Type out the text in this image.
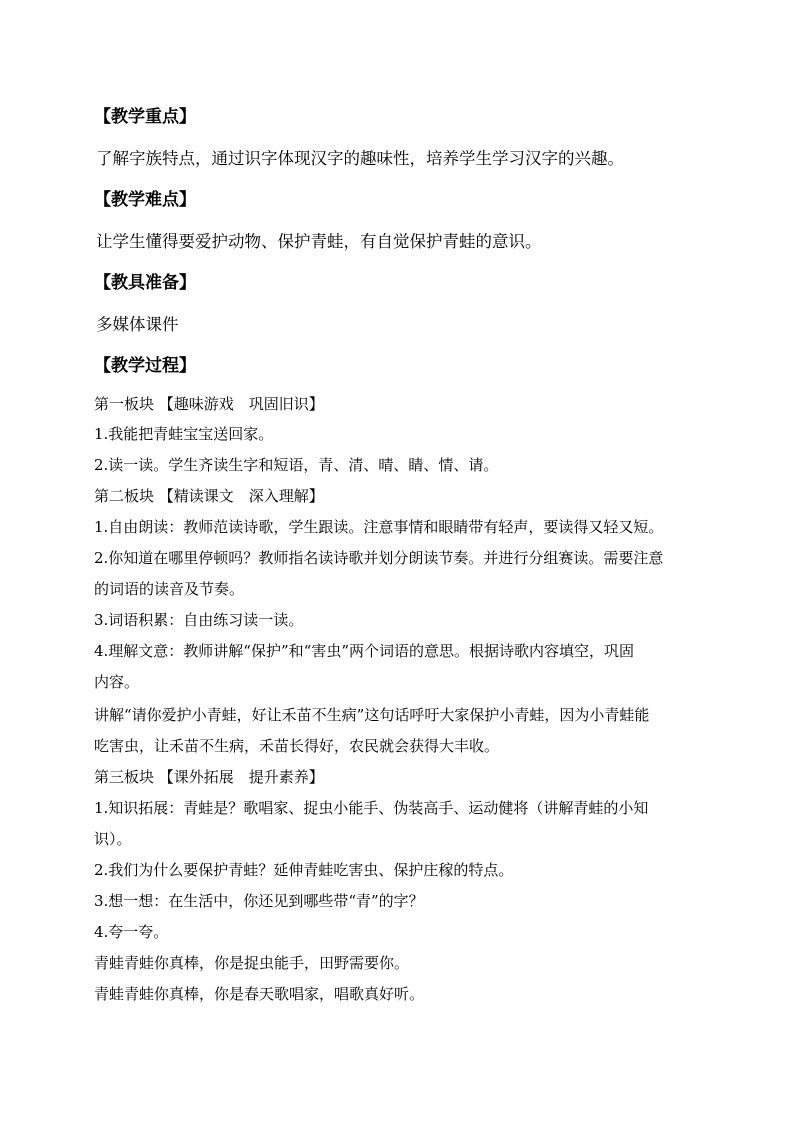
【教学重点】
了解字族特点，通过识字体现汉字的趣味性，培养学生学习汉字的兴趣。
【教学难点】
让学生懂得要爱护动物、保护青蛙，有自觉保护青蛙的意识。
【教具准备】
多媒体课件
【教学过程】
第一板块 【趣味游戏　巩固旧识】
1.我能把青蛙宝宝送回家。
2.读一读。学生齐读生字和短语，青、清、晴、睛、情、请。
第二板块 【精读课文　深入理解】
1.自由朗读：教师范读诗歌，学生跟读。注意事情和眼睛带有轻声，要读得又轻又短。
2.你知道在哪里停顿吗？教师指名读诗歌并划分朗读节奏。并进行分组赛读。需要注意
的词语的读音及节奏。
3.词语积累：自由练习读一读。
4.理解文意：教师讲解“保护”和“害虫”两个词语的意思。根据诗歌内容填空，巩固
内容。
讲解“请你爱护小青蛙，好让禾苗不生病”这句话呼吁大家保护小青蛙，因为小青蛙能
吃害虫，让禾苗不生病，禾苗长得好，农民就会获得大丰收。
第三板块 【课外拓展　提升素养】
1.知识拓展：青蛙是？歌唱家、捉虫小能手、伪装高手、运动健将（讲解青蛙的小知
识）。
2.我们为什么要保护青蛙？延伸青蛙吃害虫、保护庄稼的特点。
3.想一想：在生活中，你还见到哪些带“青”的字？
4.夸一夸。
青蛙青蛙你真棒，你是捉虫能手，田野需要你。
青蛙青蛙你真棒，你是春天歌唱家，唱歌真好听。
